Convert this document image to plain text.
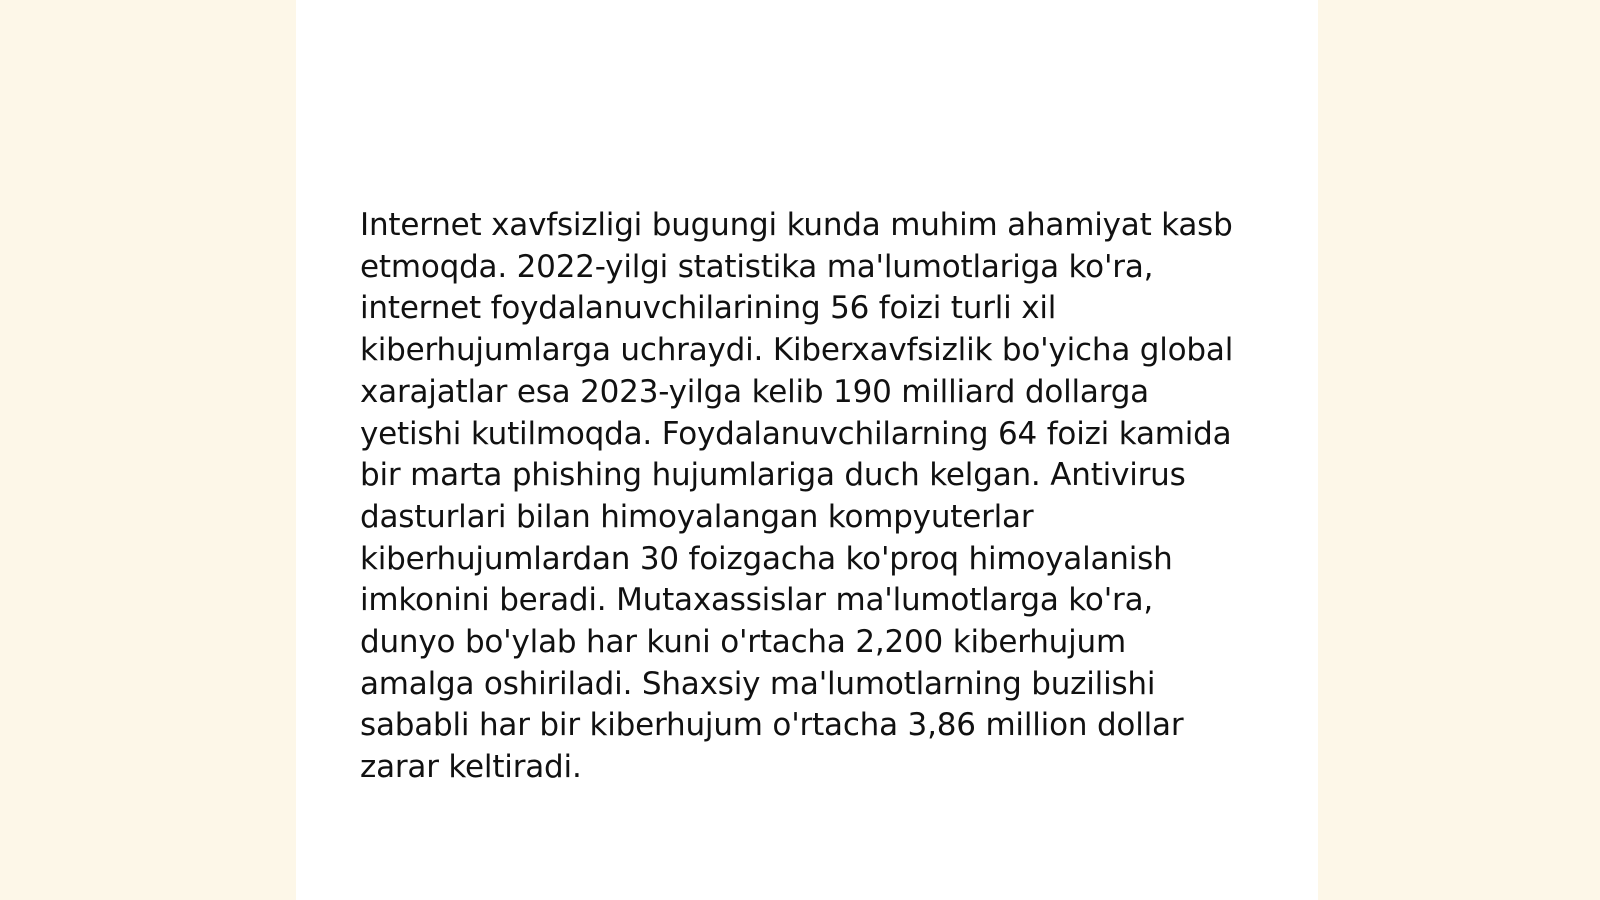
Internet xavfsizligi bugungi kunda muhim ahamiyat kasb etmoqda. 2022-yilgi statistika ma'lumotlariga ko'ra, internet foydalanuvchilarining 56 foizi turli xil kiberhujumlarga uchraydi. Kiberxavfsizlik bo'yicha global xarajatlar esa 2023-yilga kelib 190 milliard dollarga yetishi kutilmoqda. Foydalanuvchilarning 64 foizi kamida bir marta phishing hujumlariga duch kelgan. Antivirus dasturlari bilan himoyalangan kompyuterlar kiberhujumlardan 30 foizgacha ko'proq himoyalanish imkonini beradi. Mutaxassislar ma'lumotlarga ko'ra, dunyo bo'ylab har kuni o'rtacha 2,200 kiberhujum amalga oshiriladi. Shaxsiy ma'lumotlarning buzilishi sababli har bir kiberhujum o'rtacha 3,86 million dollar zarar keltiradi.
